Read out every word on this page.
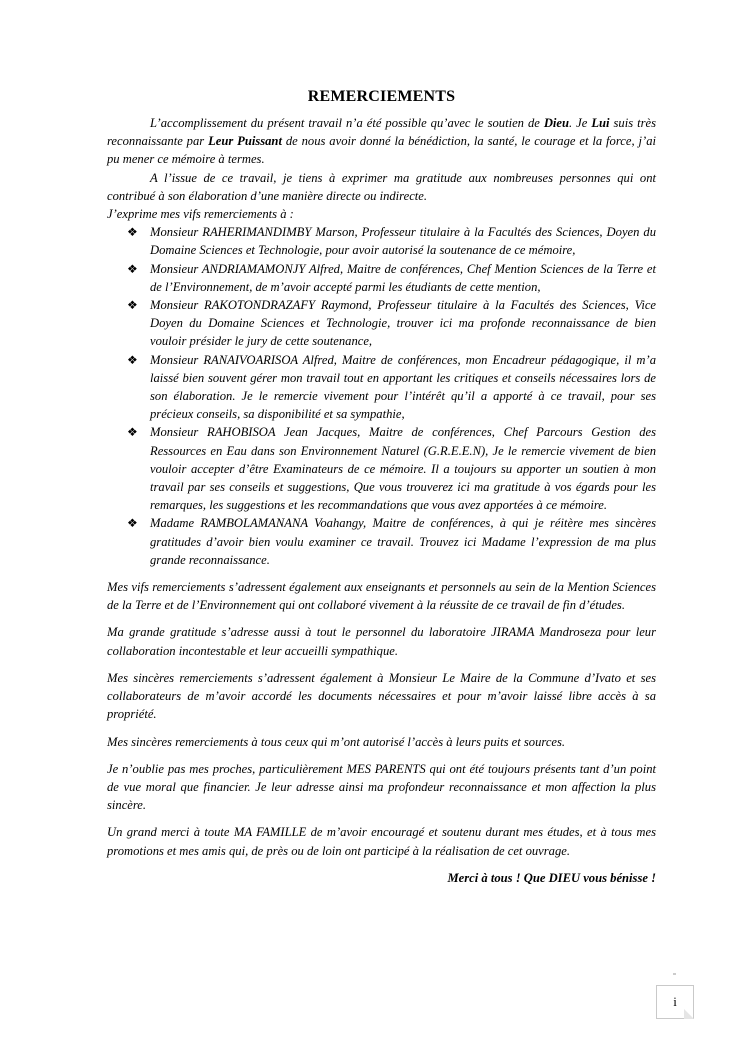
REMERCIEMENTS

L’accomplissement du présent travail n’a été possible qu’avec le soutien de Dieu. Je Lui suis très reconnaissante par Leur Puissant de nous avoir donné la bénédiction, la santé, le courage et la force, j’ai pu mener ce mémoire à termes.

A l’issue de ce travail, je tiens à exprimer ma gratitude aux nombreuses personnes qui ont contribué à son élaboration d’une manière directe ou indirecte.

J’exprime mes vifs remerciements à :

❖ Monsieur RAHERIMANDIMBY Marson, Professeur titulaire à la Facultés des Sciences, Doyen du Domaine Sciences et Technologie, pour avoir autorisé la soutenance de ce mémoire,
❖ Monsieur ANDRIAMAMONJY Alfred, Maitre de conférences, Chef Mention Sciences de la Terre et de l’Environnement, de m’avoir accepté parmi les étudiants de cette mention,
❖ Monsieur RAKOTONDRAZAFY Raymond, Professeur titulaire à la Facultés des Sciences, Vice Doyen du Domaine Sciences et Technologie, trouver ici ma profonde reconnaissance de bien vouloir présider le jury de cette soutenance,
❖ Monsieur RANAIVOARISOA Alfred, Maitre de conférences, mon Encadreur pédagogique, il m’a laissé bien souvent gérer mon travail tout en apportant les critiques et conseils nécessaires lors de son élaboration. Je le remercie vivement pour l’intérêt qu’il a apporté à ce travail, pour ses précieux conseils, sa disponibilité et sa sympathie,
❖ Monsieur RAHOBISOA Jean Jacques, Maitre de conférences, Chef Parcours Gestion des Ressources en Eau dans son Environnement Naturel (G.R.E.E.N), Je le remercie vivement de bien vouloir accepter d’être Examinateurs de ce mémoire. Il a toujours su apporter un soutien à mon travail par ses conseils et suggestions, Que vous trouverez ici ma gratitude à vos égards pour les remarques, les suggestions et les recommandations que vous avez apportées à ce mémoire.
❖ Madame RAMBOLAMANANA Voahangy, Maitre de conférences, à qui je réitère mes sincères gratitudes d’avoir bien voulu examiner ce travail. Trouvez ici Madame l’expression de ma plus grande reconnaissance.

Mes vifs remerciements s’adressent également aux enseignants et personnels au sein de la Mention Sciences de la Terre et de l’Environnement qui ont collaboré vivement à la réussite de ce travail de fin d’études.

Ma grande gratitude s’adresse aussi à tout le personnel du laboratoire JIRAMA Mandroseza pour leur collaboration incontestable et leur accueilli sympathique.

Mes sincères remerciements s’adressent également à Monsieur Le Maire de la Commune d’Ivato et ses collaborateurs de m’avoir accordé les documents nécessaires et pour m’avoir laissé libre accès à sa propriété.

Mes sincères remerciements à tous ceux qui m’ont autorisé l’accès à leurs puits et sources.

Je n’oublie pas mes proches, particulièrement MES PARENTS qui ont été toujours présents tant d’un point de vue moral que financier. Je leur adresse ainsi ma profondeur reconnaissance et mon affection la plus sincère.

Un grand merci à toute MA FAMILLE de m’avoir encouragé et soutenu durant mes études, et à tous mes promotions et mes amis qui, de près ou de loin ont participé à la réalisation de cet ouvrage.

Merci à tous ! Que DIEU vous bénisse !

i
